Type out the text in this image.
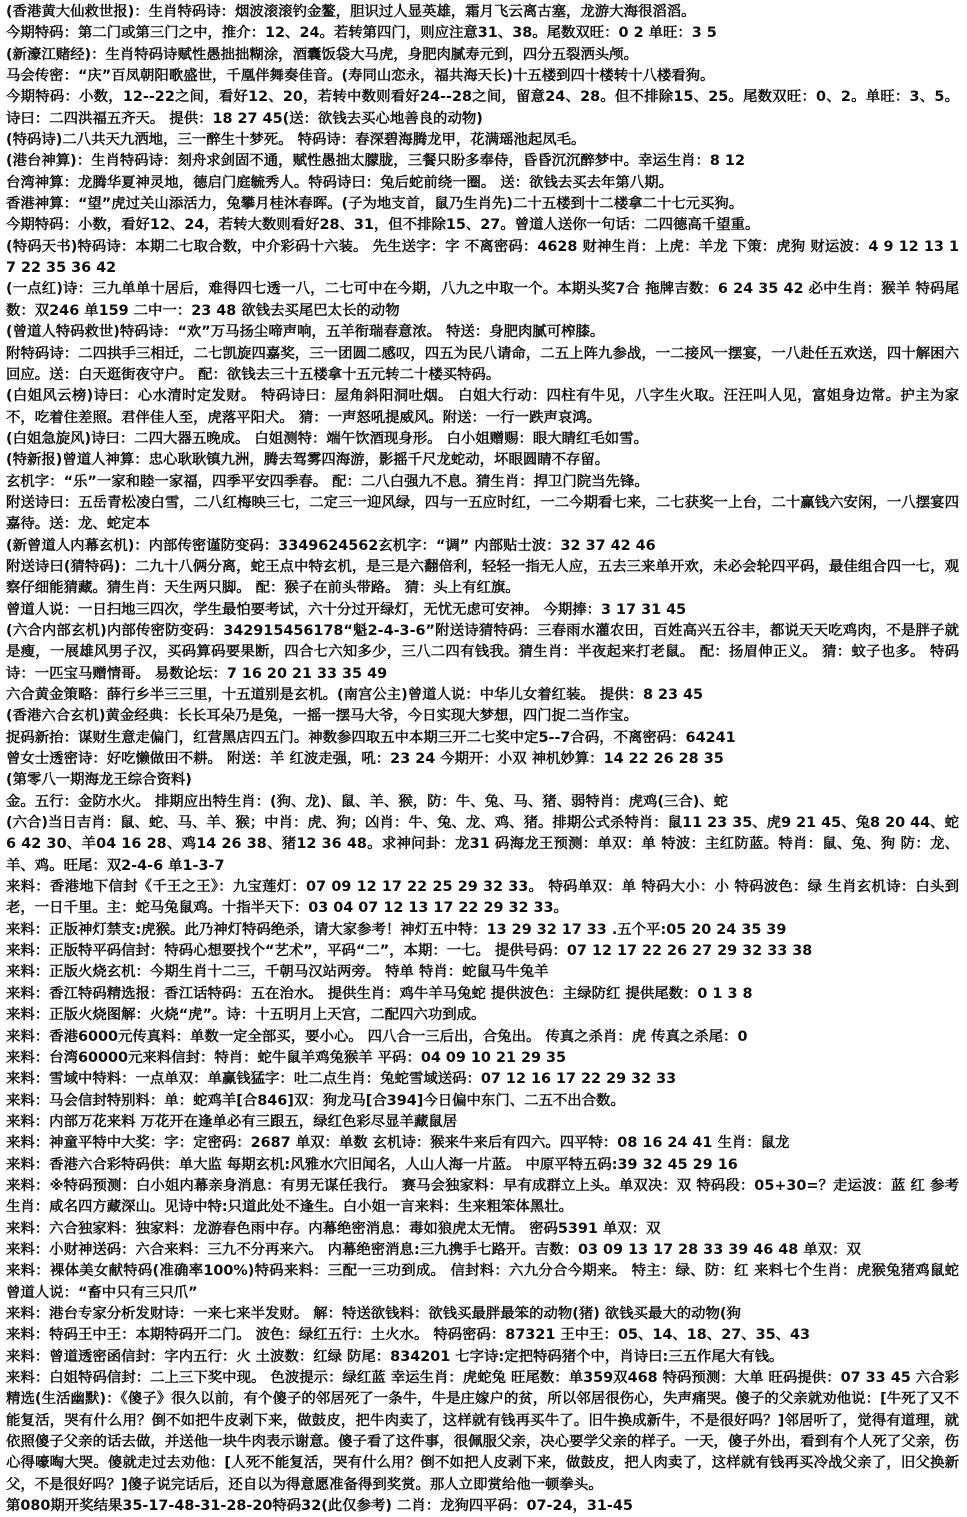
(香港黄大仙救世报)：生肖特码诗：烟波滚滚钓金鳌，胆识过人显英雄，霜月飞云离古塞，龙游大海很滔滔。
今期特码：第二门或第三门之中，推介：12、24。若转第四门，则应注意31、38。尾数双旺：0 2 单旺：3 5
(新濠江赌经)：生肖特码诗赋性愚拙拙糊涂，酒囊饭袋大马虎，身肥肉腻寿元到，四分五裂洒头颅。
马会传密：“庆”百凤朝阳歌盛世，千凰伴舞奏佳音。(寿同山恋永，福共海天长)十五楼到四十楼转十八楼看狗。
今期特码：小数，12--22之间，看好12、20，若转中数则看好24--28之间，留意24、28。但不排除15、25。尾数双旺：0、2。单旺：3、5。诗曰：二四洪福五齐天。 提供：18 27 45(送：欲钱去买心地善良的动物)
(特码诗)二八共天九洒地，三一醉生十梦死。 特码诗：春深碧海腾龙甲，花满瑶池起凤毛。
(港台神算)：生肖特码诗：刻舟求剑固不通，赋性愚拙太朦胧，三餐只盼多奉侍，昏昏沉沉醉梦中。幸运生肖：8 12
台湾神算：龙腾华夏神灵地，德启门庭毓秀人。特码诗曰：兔后蛇前绕一圈。 送：欲钱去买去年第八期。
香港神算：“望”虎过关山添活力，兔攀月桂沐春晖。(子为地支首，鼠乃生肖先)二十五楼到十二楼拿二十七元买狗。
今期特码：小数，看好12、24，若转大数则看好28、31，但不排除15、27。曾道人送你一句话：二四德高千望重。
(特码天书)特码诗：本期二七取合数，中介彩码十六装。 先生送字：字 不离密码：4628 财神生肖：上虎：羊龙 下策：虎狗 财运波：4 9 12 13 17 22 35 36 42
(一点红)诗：三九单单十居后，难得四七透一八，二七可中在今期，八九之中取一个。本期头奖7合 拖牌吉数：6 24 35 42 必中生肖：猴羊 特码尾数：双246 单159 二中一：23 48 欲钱去买尾巴太长的动物
(曾道人特码救世)特码诗：“欢”万马扬尘啼声响，五羊衔瑞春意浓。 特送：身肥肉腻可榨膝。
附特码诗：二四拱手三相迁，二七凯旋四嘉奖，三一团圆二感叹，四五为民八请命，二五上阵九参战，一二接风一摆宴，一八赴任五欢送，四十解困六回应。送：白天逛街夜守户。 配：欲钱去三十五楼拿十五元转二十楼买特码。
(白姐风云榜)诗曰：心水清时定发财。 特码诗曰：屋角斜阳洞吐烟。 白姐大行动：四柱有牛见，八字生火取。汪汪叫人见，富姐身边常。护主为家不，吃着住差照。君伴佳人至，虎落平阳犬。 猜：一声怒吼提威风。附送：一行一跌声哀鸿。
(白姐急旋风)诗曰：二四大器五晚成。 白姐测特：端午饮酒现身形。 白小姐赠赐：眼大睛红毛如雪。
(特新报)曾道人神算：忠心耿耿镇九洲，腾去驾雾四海游，影摇千尺龙蛇动，坏眼圆睛不存留。
玄机字：“乐”一家和睦一家福，四季平安四季春。 配：二八白强九不息。猜生肖：捍卫门院当先锋。
附送诗曰：五岳青松凌白雪，二八红梅映三七，二定三一迎风绿，四与一五应时红，一二今期看七来，二七获奖一上台，二十赢钱六安闲，一八摆宴四嘉待。送：龙、蛇定本
(新曾道人内幕玄机)：内部传密谨防变码：3349624562玄机字：“调” 内部贴士波：32 37 42 46
附送诗曰(猜特码)：二九十八俩分离，蛇王点中特玄机，是三是六翻倍利，轻轻一指无人应，五去三来单开欢，未必会轮四平码，最佳组合四一七，观察仔细能猜藏。猜生肖：天生两只脚。 配：猴子在前头带路。 猜：头上有红旗。
曾道人说：一日扫地三四次，学生最怕要考试，六十分过开绿灯，无忧无虑可安神。 今期捧：3 17 31 45
(六合内部玄机)内部传密防变码：342915456178“魁2-4-3-6”附送诗猜特码：三春雨水灌农田，百姓高兴五谷丰，都说天天吃鸡肉，不是胖子就是瘦，一展雄风男子汉，买码算码要果断，四合七六知多少，三八二四有钱我。猜生肖：半夜起来打老鼠。 配：扬眉伸正义。 猜：蚊子也多。 特码诗：一匹宝马赠情哥。 易数论坛：7 16 20 21 33 35 49
六合黄金策略：薛行乡半三三里，十五道别是玄机。(南宫公主)曾道人说：中华儿女着红装。 提供：8 23 45
(香港六合玄机)黄金经典：长长耳朵乃是兔，一摇一摆马大爷，今日实现大梦想，四门捉二当作宝。
捉码新抬：谋财生意走偏门，红营黑店四五门。神数参四取五中本期三开二七奖中定5--7合码，不离密码：64241
曾女士透密诗：好吃懒做田不耕。 附送：羊 红波走强，吼：23 24 今期开：小双 神机妙算：14 22 26 28 35
(第零八一期海龙王综合资料)
金。五行：金防水火。 排期应出特生肖：(狗、龙)、鼠、羊、猴，防：牛、兔、马、猪、弱特肖：虎鸡(三合)、蛇
(六合)当日吉肖：鼠、蛇、马、羊、猴；中肖：虎、狗；凶肖：牛、兔、龙、鸡、猪。排期公式杀特肖：鼠11 23 35、虎9 21 45、兔8 20 44、蛇6 42 30、羊04 16 28、鸡14 26 38、猪12 36 48。求神问卦：龙31 码海龙王预测：单双：单 特波：主红防蓝。特肖：鼠、兔、狗 防：龙、羊、鸡。旺尾：双2-4-6 单1-3-7
来料：香港地下信封《千王之王》：九宝莲灯：07 09 12 17 22 25 29 32 33。 特码单双：单 特码大小：小 特码波色：绿 生肖玄机诗：白头到老，一日千里。主：蛇马兔鼠鸡。十指半天下：03 04 07 12 13 17 22 29 32 33。
来料：正版神灯禁支:虎猴。此乃神灯特码绝杀，请大家参考！神灯五中特：13 29 32 17 33 .五个平:05 20 24 35 39
来料：正版特平码信封：特码心想要找个“艺术”，平码“二”，本期：一七。 提供号码：07 12 17 22 26 27 29 32 33 38
来料：正版火烧玄机：今期生肖十二三，千朝马汉站两旁。 特单 特肖：蛇鼠马牛兔羊
来料：香江特码精选报：香江话特码：五在治水。 提供生肖：鸡牛羊马兔蛇 提供波色：主绿防红 提供尾数：0 1 3 8
来料：正版火烧图解：火烧“虎”。诗：十五明月上天宫，二配四六功到成。
来料：香港6000元传真料：单数一定全部买，要小心。 四八合一三后出，合兔出。 传真之杀肖：虎 传真之杀尾：0
来料：台湾60000元来料信封：特肖：蛇牛鼠羊鸡兔猴羊 平码：04 09 10 21 29 35
来料：雪域中特料：一点单双：单赢钱猛字：吐二点生肖：兔蛇雪域送码：07 12 16 17 22 29 32 33
来料：马会信封特别料：单：蛇鸡羊[合846]双：狗龙马[合394]今日偏中东门、二五不出合数。
来料：内部万花来料 万花开在逢单必有三跟五，绿红色彩尽显羊藏鼠居
来料：神童平特中大奖：字：定密码：2687 单双：单数 玄机诗：猴来牛来后有四六。四平特：08 16 24 41 生肖：鼠龙
来料：香港六合彩特码供：单大监 每期玄机:风雅水穴旧闻名，人山人海一片蓝。 中原平特五码:39 32 45 29 16
来料：※特码预测：白小姐内幕亲身消息：有男无谋任我行。 赛马会独家料：早有成群立上头。单双决：双 特码段：05+30=？走运波：蓝 红 参考生肖：咸名四方藏深山。见诗中特:只道此处不逢生。白小姐一言来料：生来粗笨体黑壮。
来料：六合独家料：独家料：龙游春色雨中存。内幕绝密消息：毒如狼虎太无情。 密码5391 单双：双
来料：小财神送码：六合来料：三九不分再来六。 内幕绝密消息:三九携手七路开。吉数：03 09 13 17 28 33 39 46 48 单双：双
来料：裸体美女献特码(准确率100%)特码来料：三配一三功到成。 信封料：六九分合今期来。 特主：绿、防：红 来料七个生肖：虎猴兔猪鸡鼠蛇 曾道人说：“畜中只有三只爪”
来料：港台专家分析发财诗：一来七来半发财。 解：特送欲钱料：欲钱买最胖最笨的动物(猪) 欲钱买最大的动物(狗
来料：特码王中王：本期特码开二门。 波色：绿红五行：土火水。 特码密码：87321 王中王：05、14、18、27、35、43
来料：曾道透密函信封：字内五行：火 土波数：红绿 防尾：834201 七字诗:定把特码猪个中，肖诗曰:三五作尾大有钱。
来料：白姐特码信封：二上三下奖中现。 色波提示：绿红蓝 幸运生肖：虎蛇兔 旺尾数：单359双468 特码预测：大单 旺码提供：07 33 45 六合彩精选(生活幽默)：《傻子》很久以前，有个傻子的邻居死了一条牛，牛是庄嫁户的贫，所以邻居很伤心，失声痛哭。傻子的父亲就劝他说：[牛死了又不能复活，哭有什么用？倒不如把牛皮剥下来，做鼓皮，把牛肉卖了，这样就有钱再买牛了。旧牛换成新牛，不是很好吗？]邻居听了，觉得有道理，就依照傻子父亲的话去做，并送他一块牛肉表示谢意。傻子看了这件事，很佩服父亲，决心要学父亲的样子。一天，傻子外出，看到有个人死了父亲，伤心得嚎啕大哭。傻就走过去劝他：[人死不能复活，哭有什么用？倒不如把人皮剥下来，做鼓皮，把人肉卖了，这样就有钱再买冷战父亲了，旧父换新父，不是很好吗？]傻子说完话后，还自以为得意愿准备得到奖赏。那人立即赏给他一顿拳头。
第080期开奖结果35-17-48-31-28-20特码32(此仅参考) 二肖：龙狗四平码：07-24，31-45
